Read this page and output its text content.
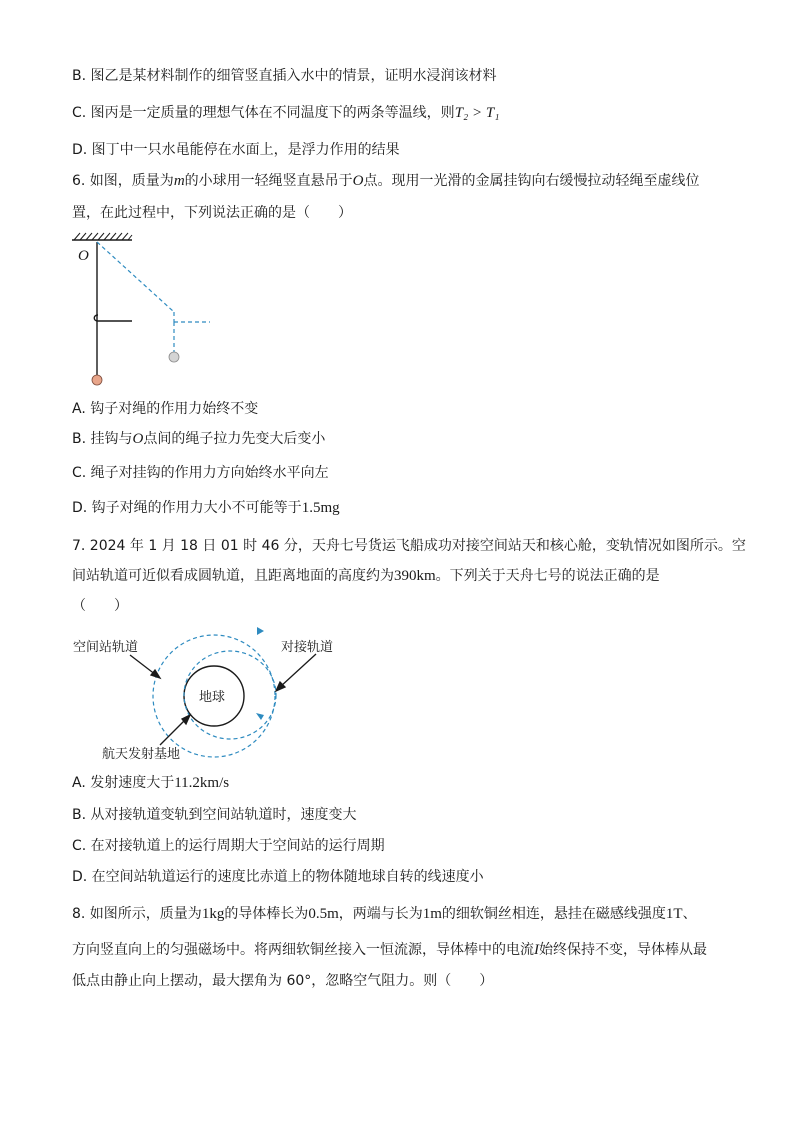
B. 图乙是某材料制作的细管竖直插入水中的情景，证明水浸润该材料
C. 图丙是一定质量的理想气体在不同温度下的两条等温线，则T₂ > T₁
D. 图丁中一只水黾能停在水面上，是浮力作用的结果
6. 如图，质量为m的小球用一轻绳竖直悬吊于O点。现用一光滑的金属挂钩向右缓慢拉动轻绳至虚线位
置，在此过程中，下列说法正确的是（　　）
O
A. 钩子对绳的作用力始终不变
B. 挂钩与O点间的绳子拉力先变大后变小
C. 绳子对挂钩的作用力方向始终水平向左
D. 钩子对绳的作用力大小不可能等于1.5mg
7. 2024 年 1 月 18 日 01 时 46 分，天舟七号货运飞船成功对接空间站天和核心舱，变轨情况如图所示。空
间站轨道可近似看成圆轨道，且距离地面的高度约为390km。下列关于天舟七号的说法正确的是
（　　）
空间站轨道	对接轨道
地球
航天发射基地
A. 发射速度大于11.2km/s
B. 从对接轨道变轨到空间站轨道时，速度变大
C. 在对接轨道上的运行周期大于空间站的运行周期
D. 在空间站轨道运行的速度比赤道上的物体随地球自转的线速度小
8. 如图所示，质量为1kg的导体棒长为0.5m，两端与长为1m的细软铜丝相连，悬挂在磁感线强度1T、
方向竖直向上的匀强磁场中。将两细软铜丝接入一恒流源，导体棒中的电流I始终保持不变，导体棒从最
低点由静止向上摆动，最大摆角为 60°，忽略空气阻力。则（　　）
